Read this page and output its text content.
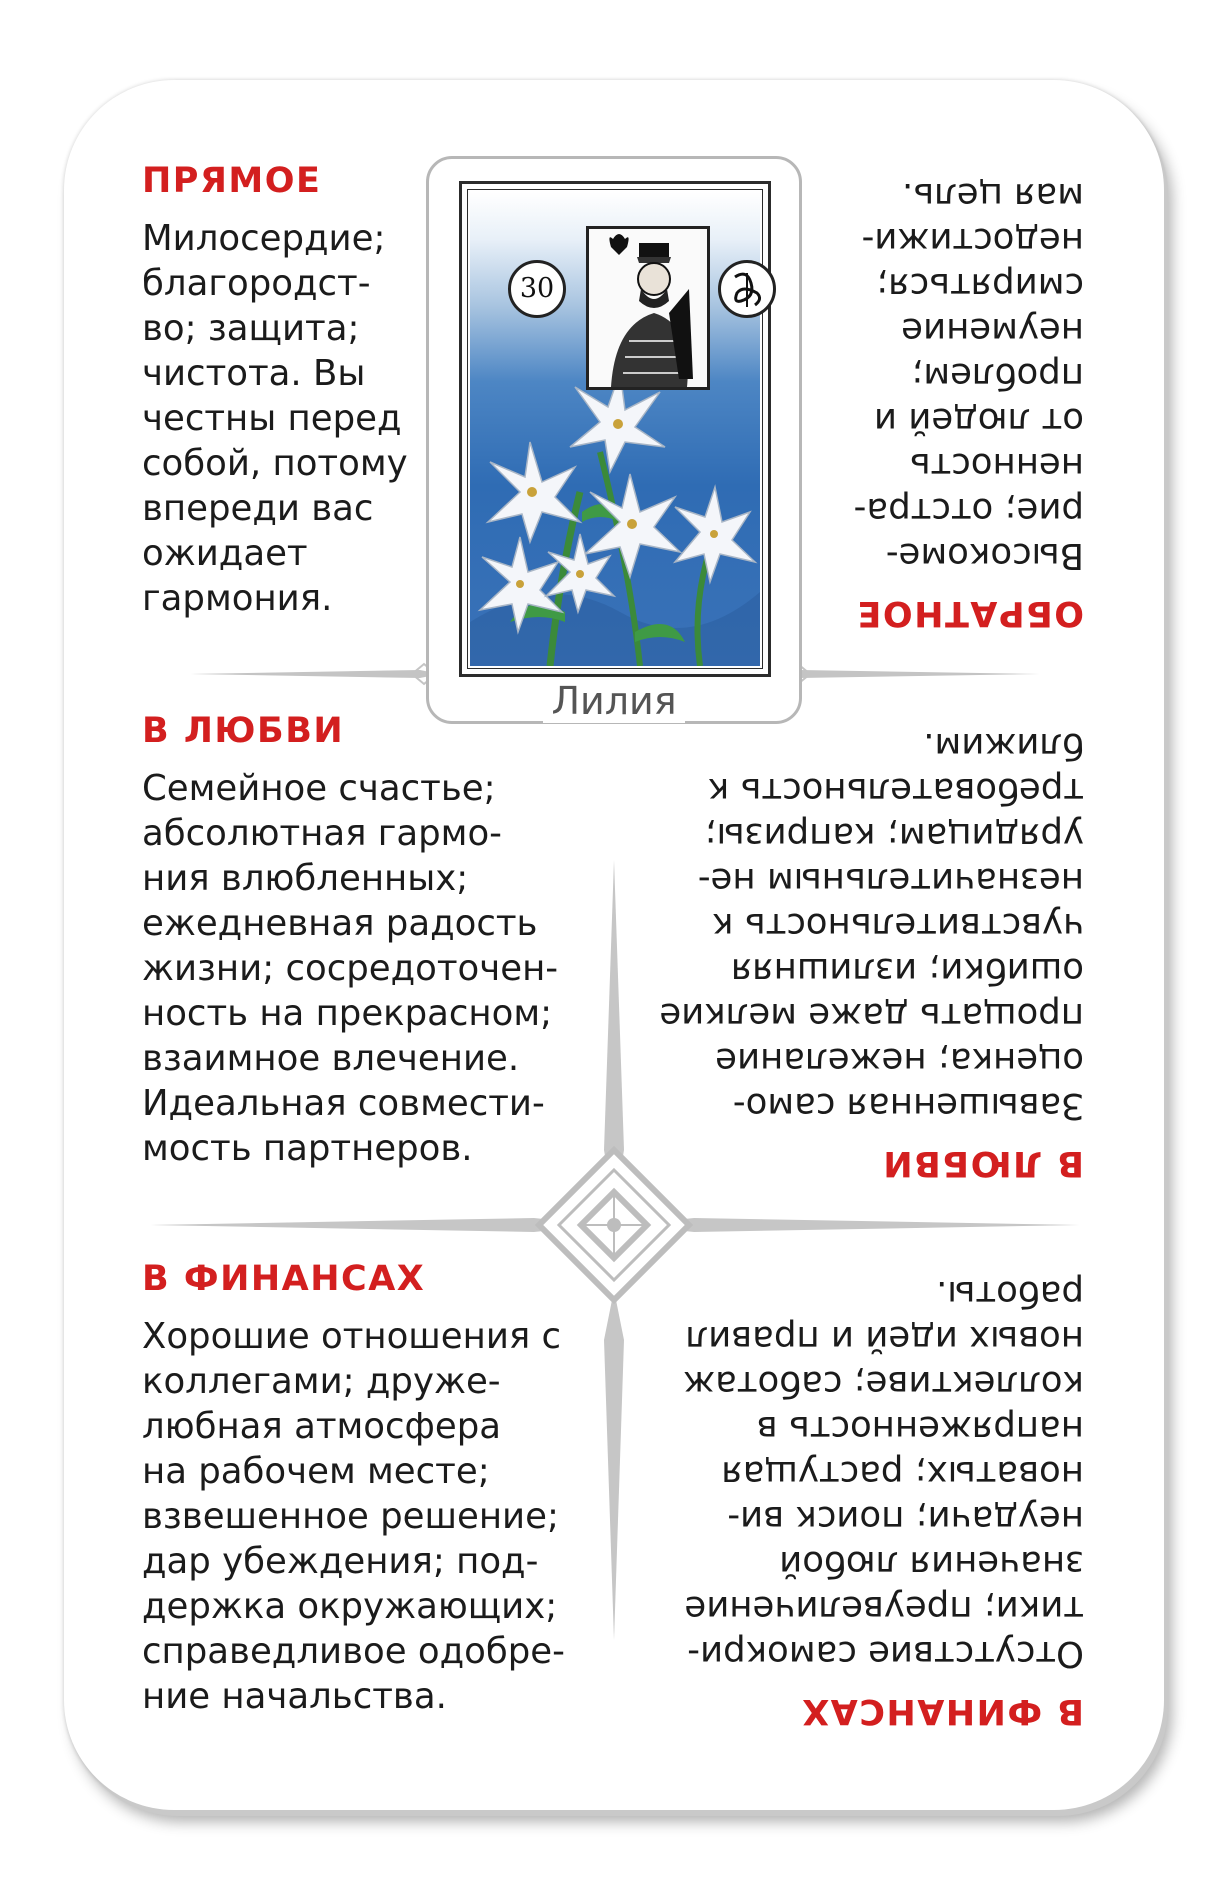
ПРЯМОЕ

Милосердие;
благородст-
во; защита;
чистота. Вы
честны перед
собой, потому
впереди вас
ожидает
гармония.

В ЛЮБВИ

Семейное счастье;
абсолютная гармо-
ния влюбленных;
ежедневная радость
жизни; сосредоточен-
ность на прекрасном;
взаимное влечение.
Идеальная совмести-
мость партнеров.

В ФИНАНСАХ

Хорошие отношения с
коллегами; друже-
любная атмосфера
на рабочем месте;
взвешенное решение;
дар убеждения; под-
держка окружающих;
справедливое одобре-
ние начальства.

ОБРАТНОЕ

Высокоме-
рие; отстра-
ненность
от людей и
проблем;
неумение
смиряться;
недостижи-
мая цель.

В ЛЮБВИ

Завышенная само-
оценка; нежелание
прощать даже мелкие
ошибки; излишняя
чувствительность к
незначительным не-
урядицам; капризы;
требовательность к
ближим.

В ФИНАНСАХ

Отсутствие самокри-
тики; преувеличение
значения любой
неудачи; поиск ви-
новатых; растущая
напряженность в
коллективе; саботаж
новых идей и правил
работы.

30
Лилия
